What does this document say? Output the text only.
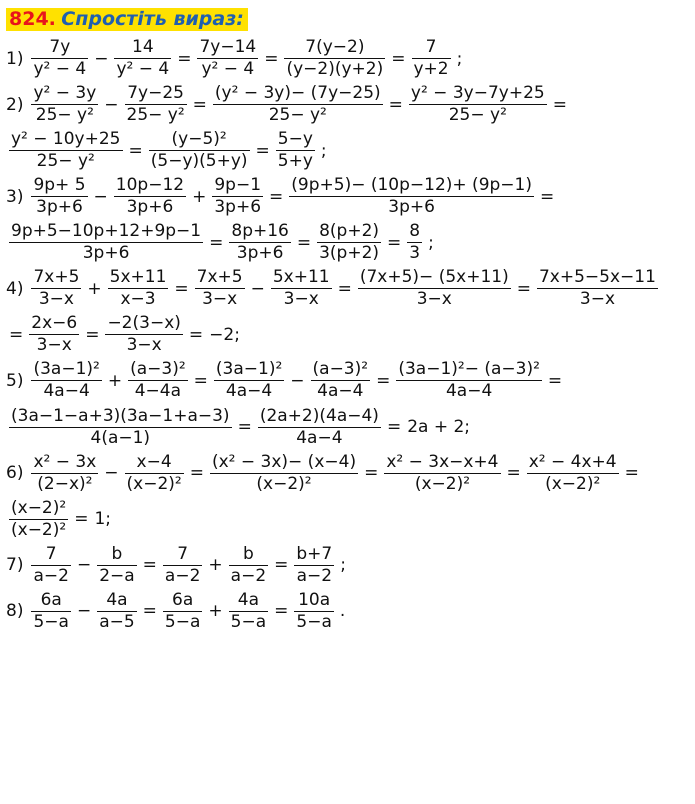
824. Спростіть вираз:
$1) \frac{7y}{\text{y² − 4}} - \frac{14}{\text{y² − 4}} = \frac{7y-14}{\text{y² − 4}} = \frac{7(y-2)}{(y-2)(y+2)} = \frac{7}{y+2}$ ;
$2) \frac{\text{y² − 3y}}{\text{25− y²}} - \frac{7y-25}{\text{25− y²}} = \frac{\text{(y² − 3y)− (7y−25)}}{\text{25− y²}} = \frac{\text{y² − 3y−7y+25}}{\text{25− y²}}$ =
$\frac{\text{y² − 10y+25}}{\text{25− y²}} = \frac{\text{(y−5)²}}{(5-y)(5+y)} = \frac{5-y}{5+y}$ ;
$3) \frac{9p+ 5}{3p+6} - \frac{10p-12}{3p+6} + \frac{9p-1}{3p+6} = \frac{(9p+5)- (10p-12)+ (9p-1)}{3p+6}$ =
$\frac{9p+5-10p+12+9p-1}{3p+6} = \frac{8p+16}{3p+6} = \frac{8(p+2)}{3(p+2)} = \frac{8}{3}$ ;
$4) \frac{7x+5}{3-x} + \frac{5x+11}{x-3} = \frac{7x+5}{3-x} - \frac{5x+11}{3-x} = \frac{(7x+5)- (5x+11)}{3-x} = \frac{7x+5-5x-11}{3-x}$
= $\frac{2x-6}{3-x} = \frac{-2(3-x)}{3-x} = -2$;
$5) \frac{\text{(3a−1)²}}{4a-4} + \frac{\text{(a−3)²}}{4-4a} = \frac{\text{(3a−1)²}}{4a-4} - \frac{\text{(a−3)²}}{4a-4} = \frac{\text{(3a−1)²− (a−3)²}}{4a-4}$ =
$\frac{(3a-1-a+3)(3a-1+a-3)}{4(a-1)} = \frac{(2a+2)(4a-4)}{4a-4} = 2a + 2$;
$6) \frac{\text{x² − 3x}}{\text{(2−x)²}} - \frac{x-4}{\text{(x−2)²}} = \frac{\text{(x² − 3x)− (x−4)}}{\text{(x−2)²}} = \frac{\text{x² − 3x−x+4}}{\text{(x−2)²}} = \frac{\text{x² − 4x+4}}{\text{(x−2)²}}$ =
$\frac{\text{(x−2)²}}{\text{(x−2)²}} = 1$;
$7) \frac{7}{a-2} - \frac{b}{2-a} = \frac{7}{a-2} + \frac{b}{a-2} = \frac{b+7}{a-2}$ ;
$8) \frac{6a}{5-a} - \frac{4a}{a-5} = \frac{6a}{5-a} + \frac{4a}{5-a} = \frac{10a}{5-a}$ .
